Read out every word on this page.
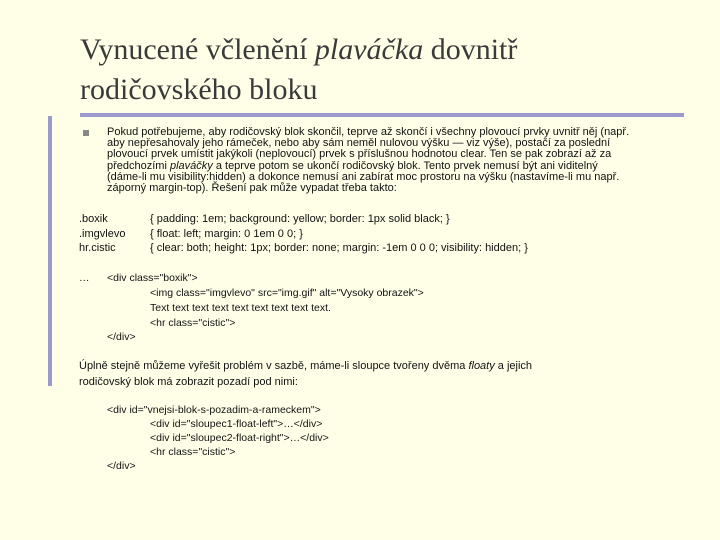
Vynucené včlenění plaváčka dovnitř rodičovského bloku
Pokud potřebujeme, aby rodičovský blok skončil, teprve až skončí i všechny plovoucí prvky uvnitř něj (např.
aby nepřesahovaly jeho rámeček, nebo aby sám neměl nulovou výšku — viz výše), postačí za poslední
plovoucí prvek umístit jakýkoli (neplovoucí) prvek s příslušnou hodnotou clear. Ten se pak zobrazí až za
předchozími plaváčky a teprve potom se ukončí rodičovský blok. Tento prvek nemusí být ani viditelný
(dáme-li mu visibility:hidden) a dokonce nemusí ani zabírat moc prostoru na výšku (nastavíme-li mu např.
záporný margin-top). Řešení pak může vypadat třeba takto:
.boxik	{ padding: 1em; background: yellow; border: 1px solid black; }
.imgvlevo { float: left; margin: 0 1em 0 0; }
hr.cistic	{ clear: both; height: 1px; border: none; margin: -1em 0 0 0; visibility: hidden; }
… <div class="boxik">
<img class="imgvlevo" src="img.gif" alt="Vysoky obrazek">
Text text text text text text text text text.
<hr class="cistic">
</div>
Úplně stejně můžeme vyřešit problém v sazbě, máme-li sloupce tvořeny dvěma floaty a jejich
rodičovský blok má zobrazit pozadí pod nimi:
<div id="vnejsi-blok-s-pozadim-a-rameckem">
<div id="sloupec1-float-left">…</div>
<div id="sloupec2-float-right">…</div>
<hr class="cistic">
</div>
